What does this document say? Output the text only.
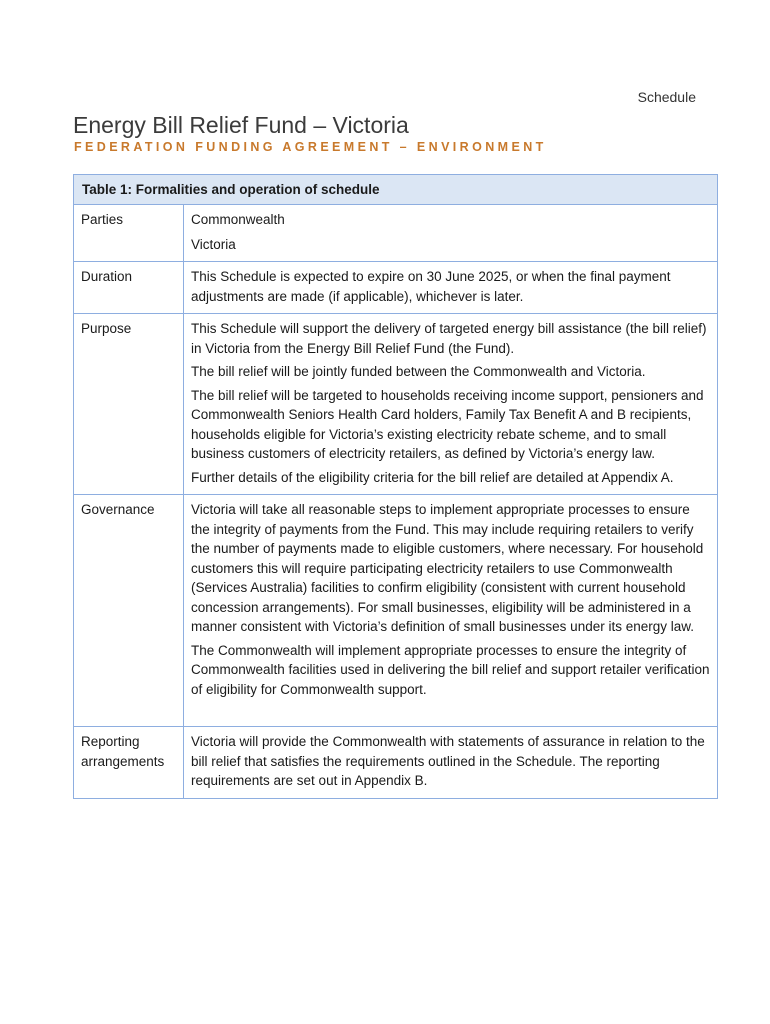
Schedule
Energy Bill Relief Fund – Victoria
FEDERATION FUNDING AGREEMENT – ENVIRONMENT
Table 1: Formalities and operation of schedule	
Parties	Commonwealth

Victoria

Duration	This Schedule is expected to expire on 30 June 2025, or when the final payment adjustments are made (if applicable), whichever is later.

Purpose	This Schedule will support the delivery of targeted energy bill assistance (the bill relief) in Victoria from the Energy Bill Relief Fund (the Fund).

The bill relief will be jointly funded between the Commonwealth and Victoria.

The bill relief will be targeted to households receiving income support, pensioners and Commonwealth Seniors Health Card holders, Family Tax Benefit A and B recipients, households eligible for Victoria’s existing electricity rebate scheme, and to small business customers of electricity retailers, as defined by Victoria’s energy law.

Further details of the eligibility criteria for the bill relief are detailed at Appendix A.

Governance	Victoria will take all reasonable steps to implement appropriate processes to ensure the integrity of payments from the Fund. This may include requiring retailers to verify the number of payments made to eligible customers, where necessary. For household customers this will require participating electricity retailers to use Commonwealth (Services Australia) facilities to confirm eligibility (consistent with current household concession arrangements). For small businesses, eligibility will be administered in a manner consistent with Victoria’s definition of small businesses under its energy law.

The Commonwealth will implement appropriate processes to ensure the integrity of Commonwealth facilities used in delivering the bill relief and support retailer verification of eligibility for Commonwealth support.

Reporting arrangements	Victoria will provide the Commonwealth with statements of assurance in relation to the bill relief that satisfies the requirements outlined in the Schedule. The reporting requirements are set out in Appendix B.
